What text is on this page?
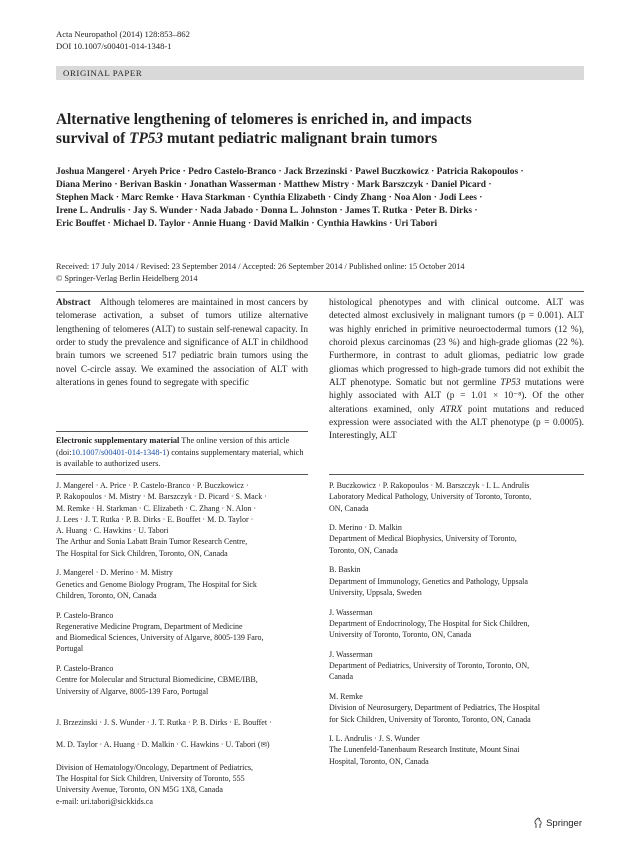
Acta Neuropathol (2014) 128:853–862
DOI 10.1007/s00401-014-1348-1
ORIGINAL PAPER
Alternative lengthening of telomeres is enriched in, and impacts
survival of TP53 mutant pediatric malignant brain tumors
Joshua Mangerel · Aryeh Price · Pedro Castelo‑Branco · Jack Brzezinski · Pawel Buczkowicz · Patricia Rakopoulos ·
Diana Merino · Berivan Baskin · Jonathan Wasserman · Matthew Mistry · Mark Barszczyk · Daniel Picard ·
Stephen Mack · Marc Remke · Hava Starkman · Cynthia Elizabeth · Cindy Zhang · Noa Alon · Jodi Lees ·
Irene L. Andrulis · Jay S. Wunder · Nada Jabado · Donna L. Johnston · James T. Rutka · Peter B. Dirks ·
Eric Bouffet · Michael D. Taylor · Annie Huang · David Malkin · Cynthia Hawkins · Uri Tabori
Received: 17 July 2014 / Revised: 23 September 2014 / Accepted: 26 September 2014 / Published online: 15 October 2014
© Springer-Verlag Berlin Heidelberg 2014
Abstract Although telomeres are maintained in most cancers by telomerase activation, a subset of tumors utilize alternative lengthening of telomeres (ALT) to sustain self-renewal capacity. In order to study the prevalence and significance of ALT in childhood brain tumors we screened 517 pediatric brain tumors using the novel C-circle assay. We examined the association of ALT with alterations in genes found to segregate with specific
histological phenotypes and with clinical outcome. ALT was detected almost exclusively in malignant tumors (p = 0.001). ALT was highly enriched in primitive neuroectodermal tumors (12 %), choroid plexus carcinomas (23 %) and high-grade gliomas (22 %). Furthermore, in contrast to adult gliomas, pediatric low grade gliomas which progressed to high-grade tumors did not exhibit the ALT phenotype. Somatic but not germline TP53 mutations were highly associated with ALT (p = 1.01 × 10⁻⁸). Of the other alterations examined, only ATRX point mutations and reduced expression were associated with the ALT phenotype (p = 0.0005). Interestingly, ALT
Electronic supplementary material The online version of this article (doi:10.1007/s00401-014-1348-1) contains supplementary material, which is available to authorized users.
J. Mangerel · A. Price · P. Castelo-Branco · P. Buczkowicz ·
P. Rakopoulos · M. Mistry · M. Barszczyk · D. Picard · S. Mack ·
M. Remke · H. Starkman · C. Elizabeth · C. Zhang · N. Alon ·
J. Lees · J. T. Rutka · P. B. Dirks · E. Bouffet · M. D. Taylor ·
A. Huang · C. Hawkins · U. Tabori
The Arthur and Sonia Labatt Brain Tumor Research Centre,
The Hospital for Sick Children, Toronto, ON, Canada
J. Mangerel · D. Merino · M. Mistry
Genetics and Genome Biology Program, The Hospital for Sick
Children, Toronto, ON, Canada
P. Castelo-Branco
Regenerative Medicine Program, Department of Medicine
and Biomedical Sciences, University of Algarve, 8005-139 Faro,
Portugal
P. Castelo-Branco
Centre for Molecular and Structural Biomedicine, CBME/IBB,
University of Algarve, 8005-139 Faro, Portugal

J. Brzezinski · J. S. Wunder · J. T. Rutka · P. B. Dirks · E. Bouffet ·

M. D. Taylor · A. Huang · D. Malkin · C. Hawkins · U. Tabori (✉)

Division of Hematology/Oncology, Department of Pediatrics,
The Hospital for Sick Children, University of Toronto, 555
University Avenue, Toronto, ON M5G 1X8, Canada
e-mail: uri.tabori@sickkids.ca

P. Buczkowicz · P. Rakopoulos · M. Barszczyk · I. L. Andrulis
Laboratory Medical Pathology, University of Toronto, Toronto,
ON, Canada
D. Merino · D. Malkin
Department of Medical Biophysics, University of Toronto,
Toronto, ON, Canada
B. Baskin
Department of Immunology, Genetics and Pathology, Uppsala
University, Uppsala, Sweden
J. Wasserman
Department of Endocrinology, The Hospital for Sick Children,
University of Toronto, Toronto, ON, Canada
J. Wasserman
Department of Pediatrics, University of Toronto, Toronto, ON,
Canada
M. Remke
Division of Neurosurgery, Department of Pediatrics, The Hospital
for Sick Children, University of Toronto, Toronto, ON, Canada
I. L. Andrulis · J. S. Wunder
The Lunenfeld-Tanenbaum Research Institute, Mount Sinai
Hospital, Toronto, ON, Canada
Springer
